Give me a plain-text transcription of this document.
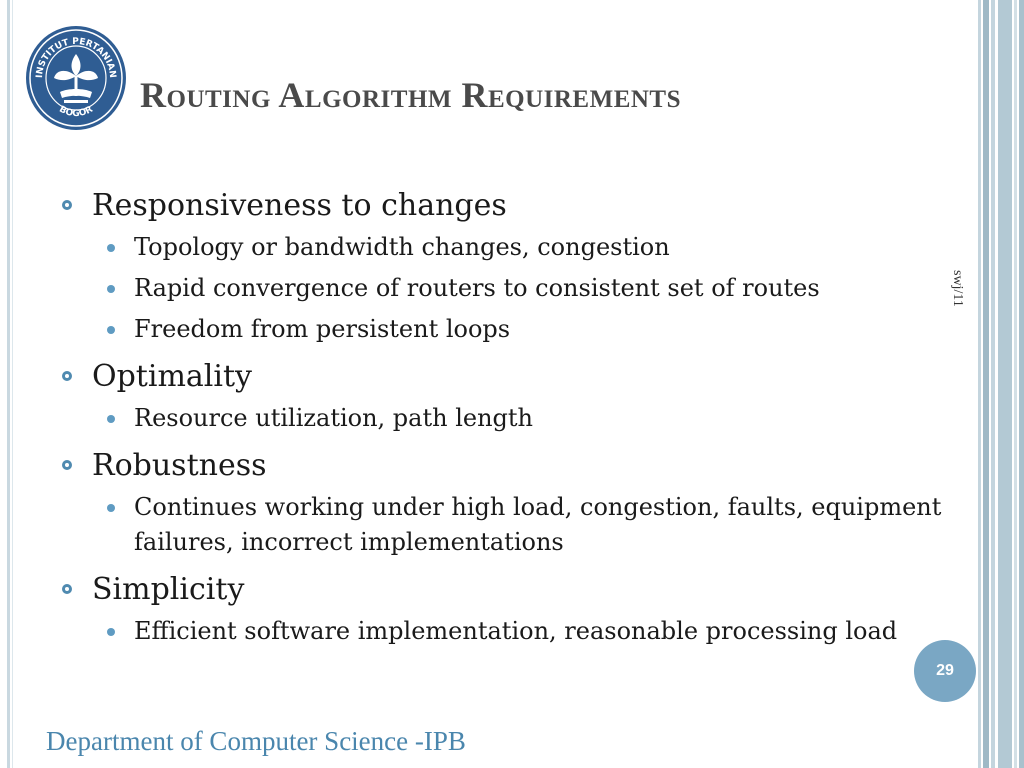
INSTITUT PERTANIAN
BOGOR Routing Algorithm Requirements
Responsiveness to changes
Topology or bandwidth changes, congestion
Rapid convergence of routers to consistent set of routes
Freedom from persistent loops
Optimality
Resource utilization, path length
Robustness
Continues working under high load, congestion, faults, equipment failures, incorrect implementations
Simplicity
Efficient software implementation, reasonable processing load
swj/11
29
Department of Computer Science -IPB
